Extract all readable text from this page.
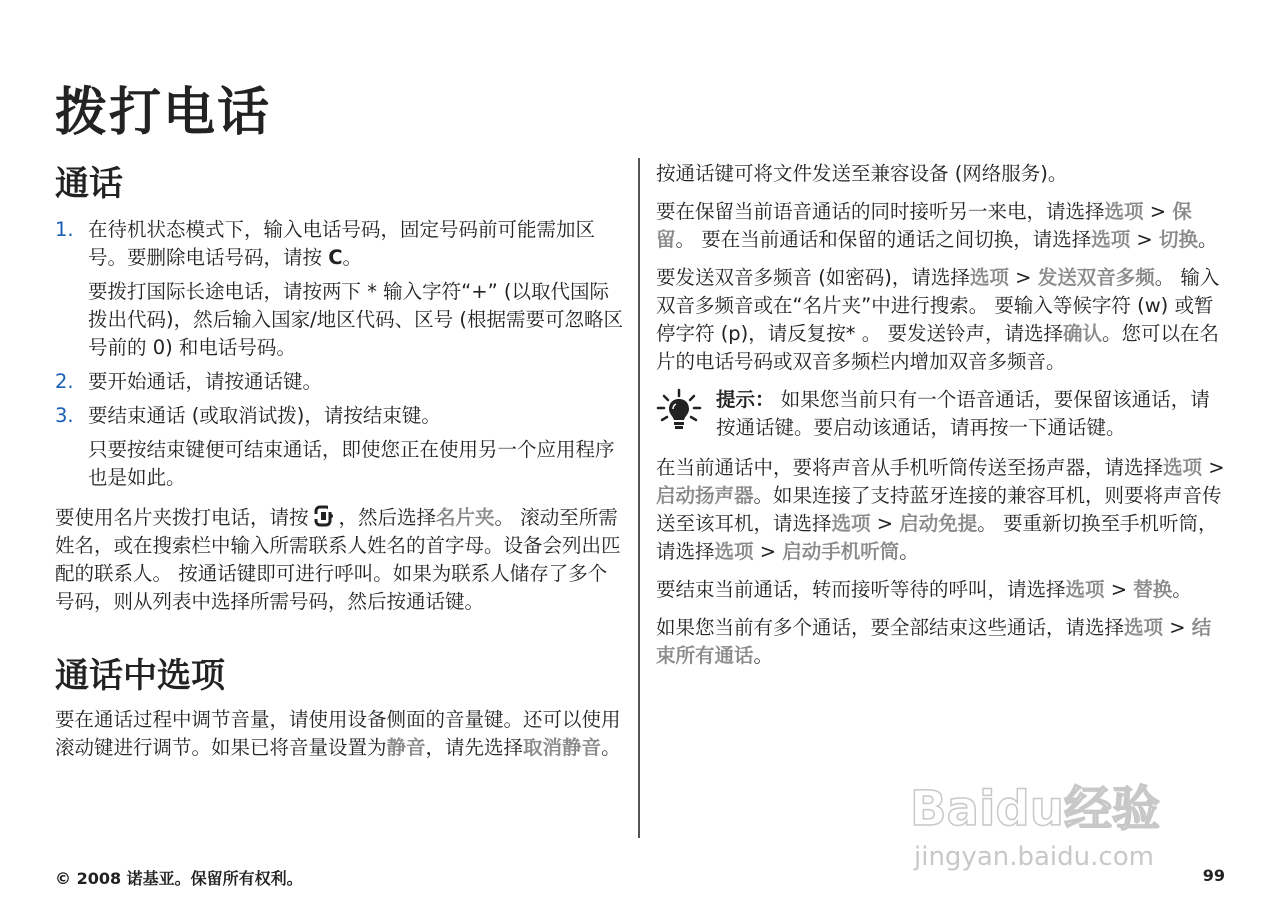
拨打电话
通话
1. 在待机状态模式下，输入电话号码，固定号码前可能需加区号。要删除电话号码，请按 C。

要拨打国际长途电话，请按两下 * 输入字符“+” (以取代国际拨出代码)，然后输入国家/地区代码、区号 (根据需要可忽略区号前的 0) 和电话号码。

2. 要开始通话，请按通话键。

3. 要结束通话 (或取消试拨)，请按结束键。

只要按结束键便可结束通话，即使您正在使用另一个应用程序也是如此。

要使用名片夹拨打电话，请按 ，然后选择名片夹。 滚动至所需姓名，或在搜索栏中输入所需联系人姓名的首字母。设备会列出匹配的联系人。 按通话键即可进行呼叫。如果为联系人储存了多个号码，则从列表中选择所需号码，然后按通话键。

通话中选项

要在通话过程中调节音量，请使用设备侧面的音量键。还可以使用滚动键进行调节。如果已将音量设置为静音，请先选择取消静音。

按通话键可将文件发送至兼容设备 (网络服务)。

要在保留当前语音通话的同时接听另一来电，请选择选项 > 保留。 要在当前通话和保留的通话之间切换，请选择选项 > 切换。

要发送双音多频音 (如密码)，请选择选项 > 发送双音多频。 输入双音多频音或在“名片夹”中进行搜索。 要输入等候字符 (w) 或暂停字符 (p)，请反复按* 。 要发送铃声，请选择确认。您可以在名片的电话号码或双音多频栏内增加双音多频音。

提示： 如果您当前只有一个语音通话，要保留该通话，请按通话键。要启动该通话，请再按一下通话键。

在当前通话中，要将声音从手机听筒传送至扬声器，请选择选项 > 启动扬声器。如果连接了支持蓝牙连接的兼容耳机，则要将声音传送至该耳机，请选择选项 > 启动免提。 要重新切换至手机听筒，请选择选项 > 启动手机听筒。

要结束当前通话，转而接听等待的呼叫，请选择选项 > 替换。

如果您当前有多个通话，要全部结束这些通话，请选择选项 > 结束所有通话。

Baidu经验
jingyan.baidu.com
© 2008 诺基亚。保留所有权利。	99
